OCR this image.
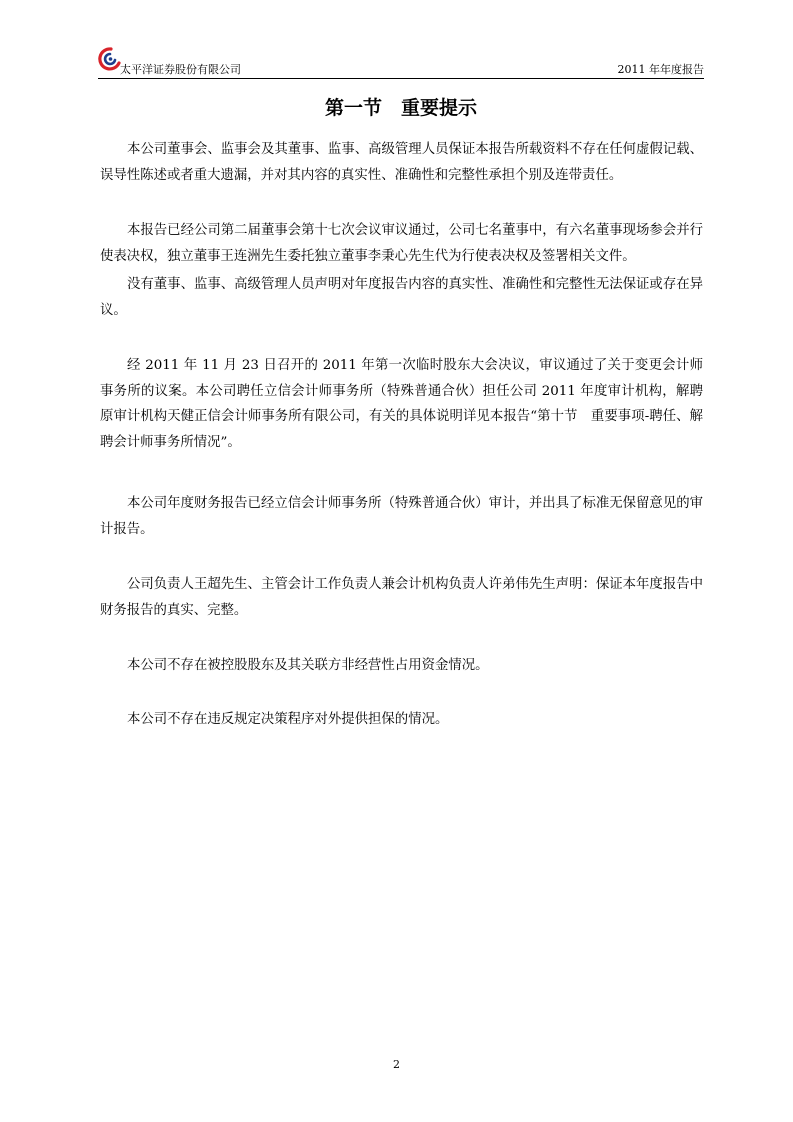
太平洋证券股份有限公司	2011 年年度报告
第一节　重要提示

本公司董事会、监事会及其董事、监事、高级管理人员保证本报告所载资料不存在任何虚假记载、误导性陈述或者重大遗漏，并对其内容的真实性、准确性和完整性承担个别及连带责任。

本报告已经公司第二届董事会第十七次会议审议通过，公司七名董事中，有六名董事现场参会并行使表决权，独立董事王连洲先生委托独立董事李秉心先生代为行使表决权及签署相关文件。

没有董事、监事、高级管理人员声明对年度报告内容的真实性、准确性和完整性无法保证或存在异议。

经 2011 年 11 月 23 日召开的 2011 年第一次临时股东大会决议，审议通过了关于变更会计师事务所的议案。本公司聘任立信会计师事务所（特殊普通合伙）担任公司 2011 年度审计机构，解聘原审计机构天健正信会计师事务所有限公司，有关的具体说明详见本报告“第十节　重要事项-聘任、解聘会计师事务所情况”。

本公司年度财务报告已经立信会计师事务所（特殊普通合伙）审计，并出具了标准无保留意见的审计报告。

公司负责人王超先生、主管会计工作负责人兼会计机构负责人许弟伟先生声明：保证本年度报告中财务报告的真实、完整。

本公司不存在被控股股东及其关联方非经营性占用资金情况。

本公司不存在违反规定决策程序对外提供担保的情况。

2
